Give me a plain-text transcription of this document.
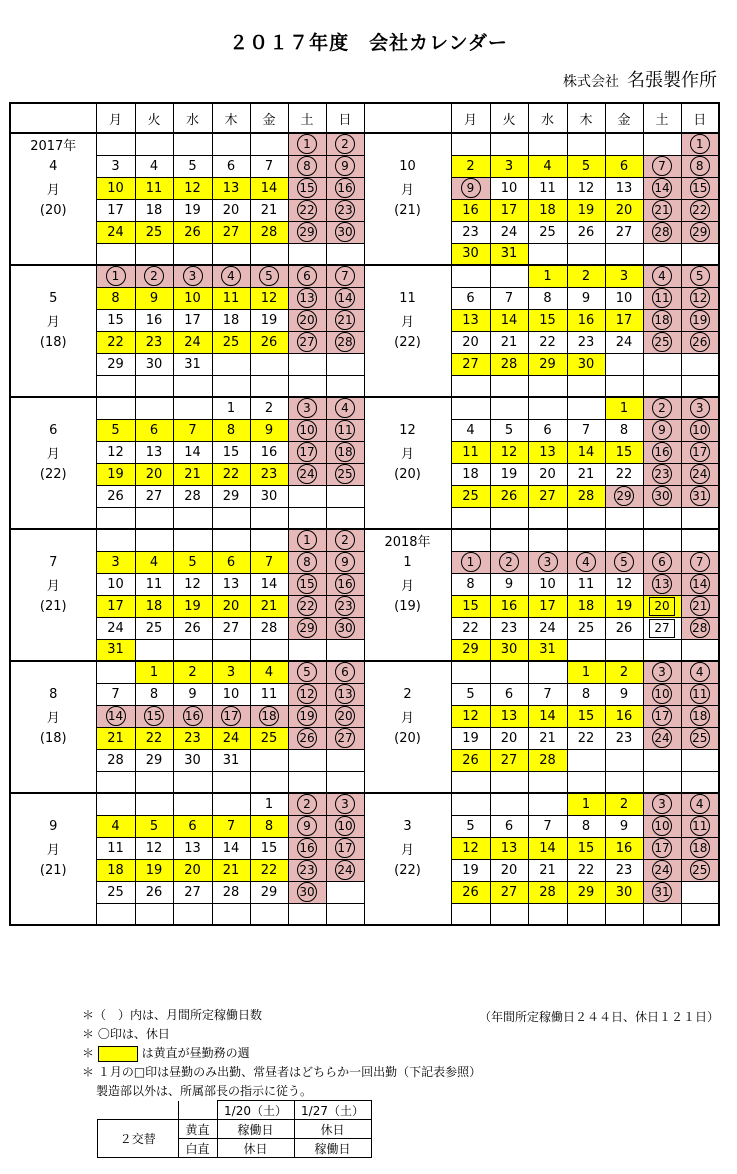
２０１７年度　会社カレンダー
株式会社 名張製作所
	月	火	水	木	金	土	日		月	火	水	木	金	土	日
2017年						1	2								1
4	3	4	5	6	7	8	9	10	2	3	4	5	6	7	8
月	10	11	12	13	14	15	16	月	9	10	11	12	13	14	15
(20)	17	18	19	20	21	22	23	(21)	16	17	18	19	20	21	22
	24	25	26	27	28	29	30		23	24	25	26	27	28	29
									30	31					
	1	2	3	4	5	6	7				1	2	3	4	5
5	8	9	10	11	12	13	14	11	6	7	8	9	10	11	12
月	15	16	17	18	19	20	21	月	13	14	15	16	17	18	19
(18)	22	23	24	25	26	27	28	(22)	20	21	22	23	24	25	26
	29	30	31						27	28	29	30			

				1	2	3	4						1	2	3
6	5	6	7	8	9	10	11	12	4	5	6	7	8	9	10
月	12	13	14	15	16	17	18	月	11	12	13	14	15	16	17
(22)	19	20	21	22	23	24	25	(20)	18	19	20	21	22	23	24
	26	27	28	29	30				25	26	27	28	29	30	31

						1	2	2018年							
7	3	4	5	6	7	8	9	1	1	2	3	4	5	6	7
月	10	11	12	13	14	15	16	月	8	9	10	11	12	13	14
(21)	17	18	19	20	21	22	23	(19)	15	16	17	18	19	20	21
	24	25	26	27	28	29	30		22	23	24	25	26	27	28
	31								29	30	31				
		1	2	3	4	5	6					1	2	3	4
8	7	8	9	10	11	12	13	2	5	6	7	8	9	10	11
月	14	15	16	17	18	19	20	月	12	13	14	15	16	17	18
(18)	21	22	23	24	25	26	27	(20)	19	20	21	22	23	24	25
	28	29	30	31					26	27	28				

					1	2	3					1	2	3	4
9	4	5	6	7	8	9	10	3	5	6	7	8	9	10	11
月	11	12	13	14	15	16	17	月	12	13	14	15	16	17	18
(21)	18	19	20	21	22	23	24	(22)	19	20	21	22	23	24	25
	25	26	27	28	29	30			26	27	28	29	30	31	

（年間所定稼働日２４４日、休日１２１日）
＊（　）内は、月間所定稼働日数
＊ 〇印は、休日
＊	は黄直が昼勤務の週
＊ １月の□印は昼勤のみ出勤、常昼者はどちらか一回出勤（下記表参照）
製造部以外は、所属部長の指示に従う。
		1/20（土）	1/27（土）
２交替	黄直	稼働日	休日
	白直	休日	稼働日
